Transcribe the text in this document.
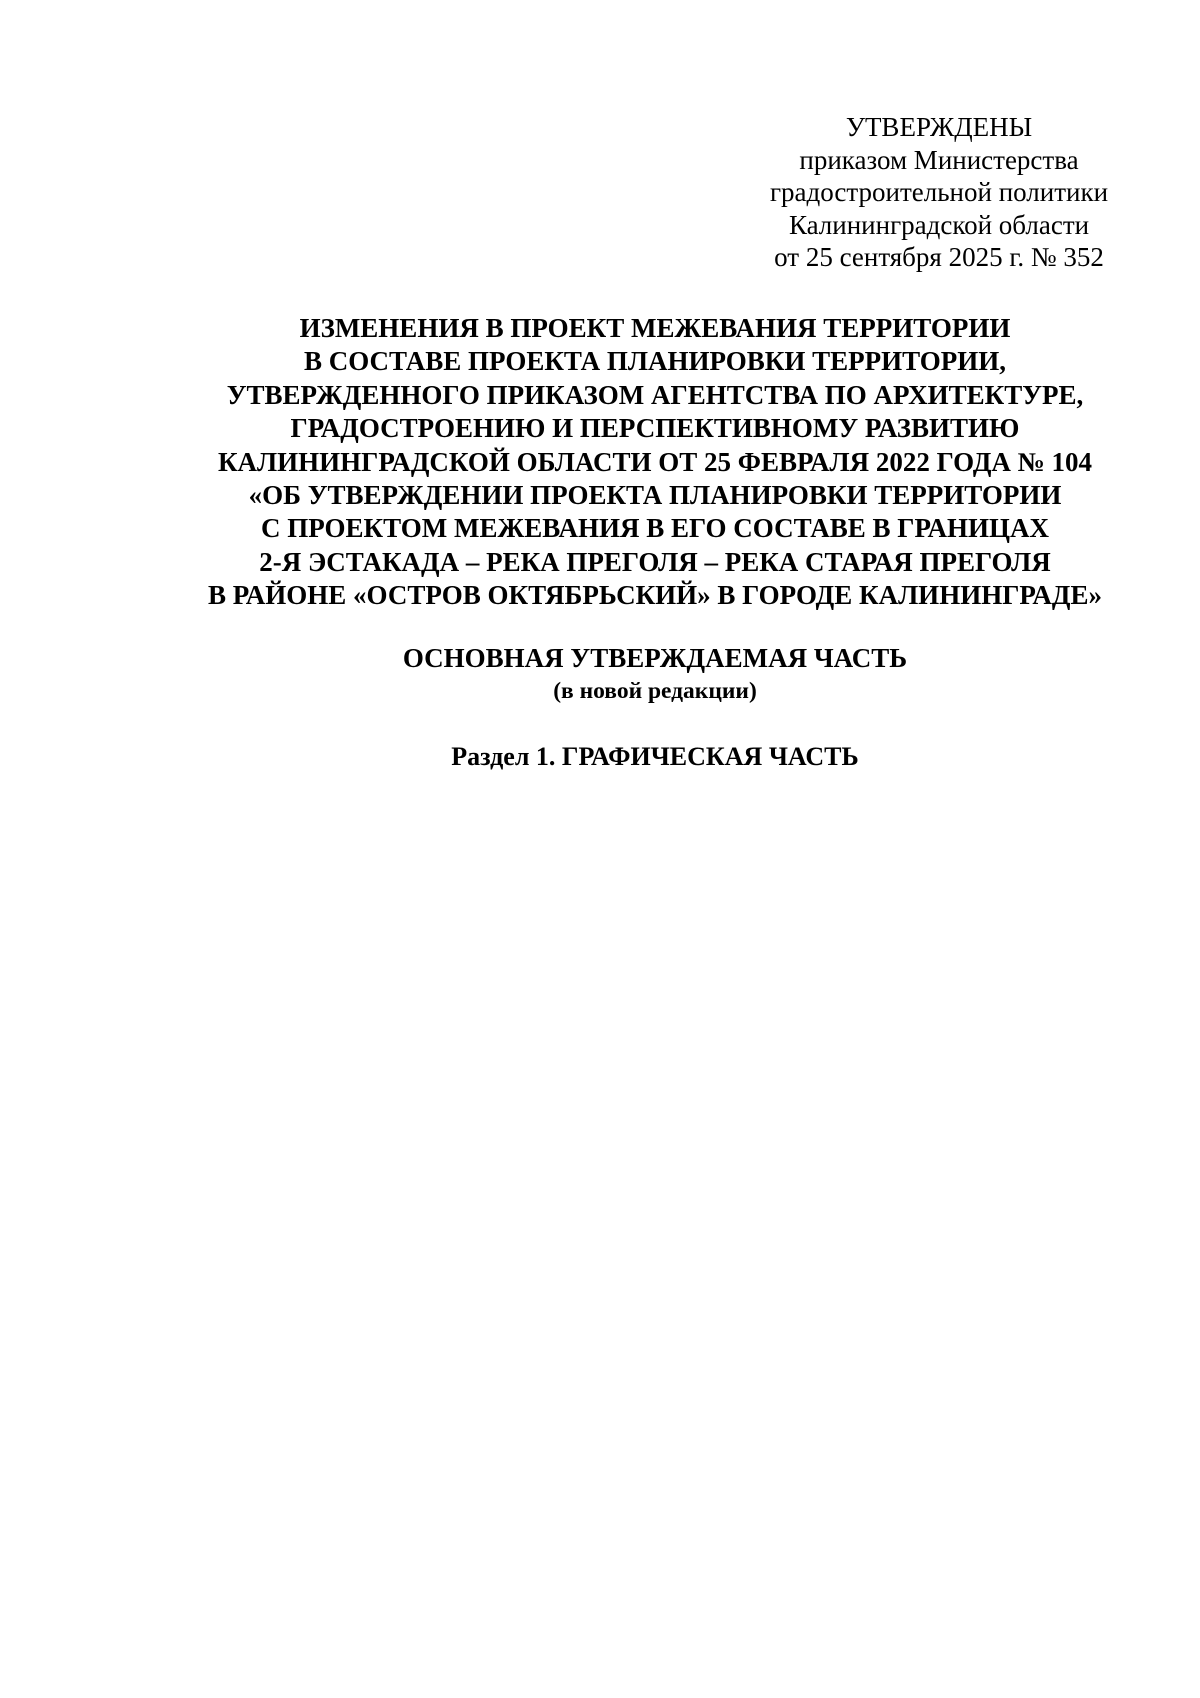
УТВЕРЖДЕНЫ
приказом Министерства
градостроительной политики
Калининградской области
от 25 сентября 2025 г. № 352
ИЗМЕНЕНИЯ В ПРОЕКТ МЕЖЕВАНИЯ ТЕРРИТОРИИ
В СОСТАВЕ ПРОЕКТА ПЛАНИРОВКИ ТЕРРИТОРИИ,
УТВЕРЖДЕННОГО ПРИКАЗОМ АГЕНТСТВА ПО АРХИТЕКТУРЕ,
ГРАДОСТРОЕНИЮ И ПЕРСПЕКТИВНОМУ РАЗВИТИЮ
КАЛИНИНГРАДСКОЙ ОБЛАСТИ ОТ 25 ФЕВРАЛЯ 2022 ГОДА № 104
«ОБ УТВЕРЖДЕНИИ ПРОЕКТА ПЛАНИРОВКИ ТЕРРИТОРИИ
С ПРОЕКТОМ МЕЖЕВАНИЯ В ЕГО СОСТАВЕ В ГРАНИЦАХ
2-Я ЭСТАКАДА – РЕКА ПРЕГОЛЯ – РЕКА СТАРАЯ ПРЕГОЛЯ
В РАЙОНЕ «ОСТРОВ ОКТЯБРЬСКИЙ» В ГОРОДЕ КАЛИНИНГРАДЕ»
ОСНОВНАЯ УТВЕРЖДАЕМАЯ ЧАСТЬ
(в новой редакции)
Раздел 1. ГРАФИЧЕСКАЯ ЧАСТЬ
